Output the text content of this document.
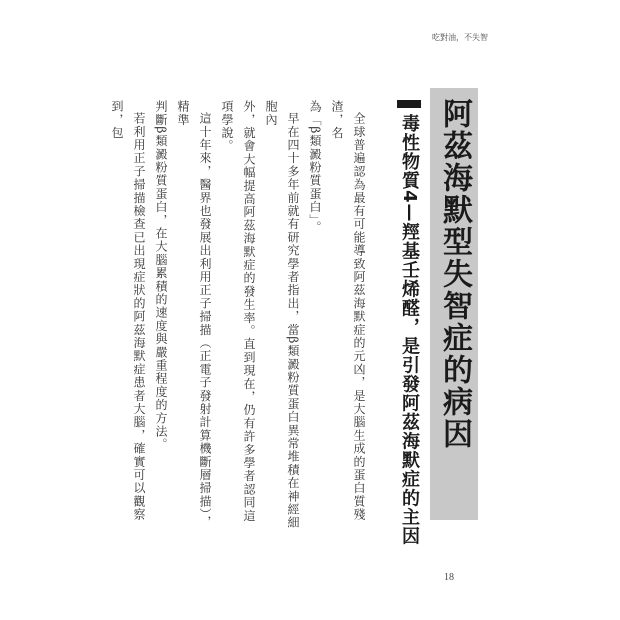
吃對油，不失智
阿茲海默型失智症的病因
毒性物質4—羥基壬烯醛，是引發阿茲海默症的主因

全球普遍認為最有可能導致阿茲海默症的元凶，是大腦生成的蛋白質殘渣，名

為「β類澱粉質蛋白」。

早在四十多年前就有研究學者指出，當β類澱粉質蛋白異常堆積在神經細胞內

外，就會大幅提高阿茲海默症的發生率。直到現在，仍有許多學者認同這項學說。

這十年來，醫界也發展出利用正子掃描（正電子發射計算機斷層掃描），精準

判斷β類澱粉質蛋白，在大腦累積的速度與嚴重程度的方法。

若利用正子掃描檢查已出現症狀的阿茲海默症患者大腦，確實可以觀察到，包

18
